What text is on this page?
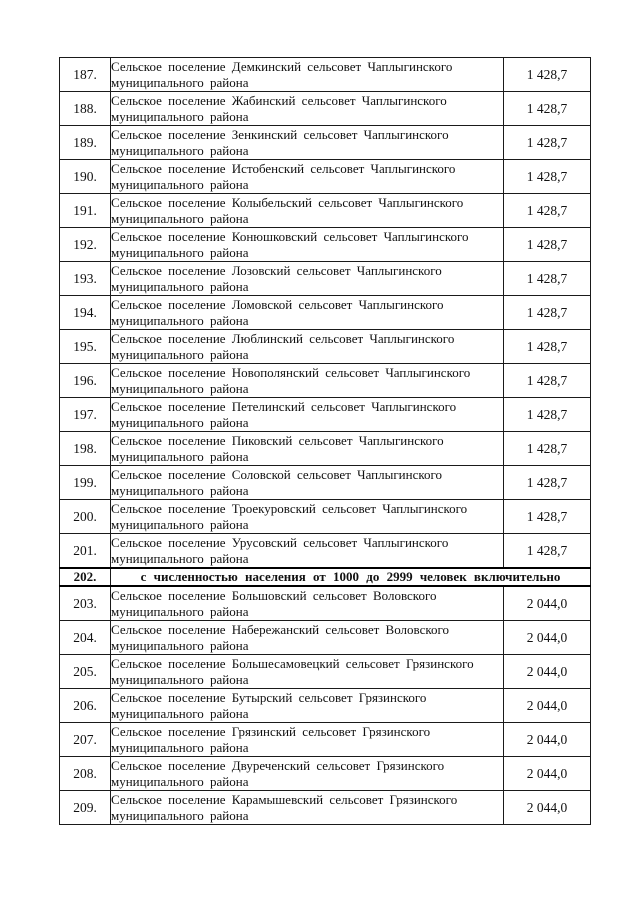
187.	Сельское поселение Демкинский сельсовет Чаплыгинского
муниципального района	1 428,7
188.	Сельское поселение Жабинский сельсовет Чаплыгинского
муниципального района	1 428,7
189.	Сельское поселение Зенкинский сельсовет Чаплыгинского
муниципального района	1 428,7
190.	Сельское поселение Истобенский сельсовет Чаплыгинского
муниципального района	1 428,7
191.	Сельское поселение Колыбельский сельсовет Чаплыгинского
муниципального района	1 428,7
192.	Сельское поселение Конюшковский сельсовет Чаплыгинского
муниципального района	1 428,7
193.	Сельское поселение Лозовский сельсовет Чаплыгинского
муниципального района	1 428,7
194.	Сельское поселение Ломовской сельсовет Чаплыгинского
муниципального района	1 428,7
195.	Сельское поселение Люблинский сельсовет Чаплыгинского
муниципального района	1 428,7
196.	Сельское поселение Новополянский сельсовет Чаплыгинского
муниципального района	1 428,7
197.	Сельское поселение Петелинский сельсовет Чаплыгинского
муниципального района	1 428,7
198.	Сельское поселение Пиковский сельсовет Чаплыгинского
муниципального района	1 428,7
199.	Сельское поселение Соловской сельсовет Чаплыгинского
муниципального района	1 428,7
200.	Сельское поселение Троекуровский сельсовет Чаплыгинского
муниципального района	1 428,7
201.	Сельское поселение Урусовский сельсовет Чаплыгинского
муниципального района	1 428,7
202.	с численностью населения от 1000 до 2999 человек включительно	
203.	Сельское поселение Большовский сельсовет Воловского
муниципального района	2 044,0
204.	Сельское поселение Набережанский сельсовет Воловского
муниципального района	2 044,0
205.	Сельское поселение Большесамовецкий сельсовет Грязинского
муниципального района	2 044,0
206.	Сельское поселение Бутырский сельсовет Грязинского
муниципального района	2 044,0
207.	Сельское поселение Грязинский сельсовет Грязинского
муниципального района	2 044,0
208.	Сельское поселение Двуреченский сельсовет Грязинского
муниципального района	2 044,0
209.	Сельское поселение Карамышевский сельсовет Грязинского
муниципального района	2 044,0
